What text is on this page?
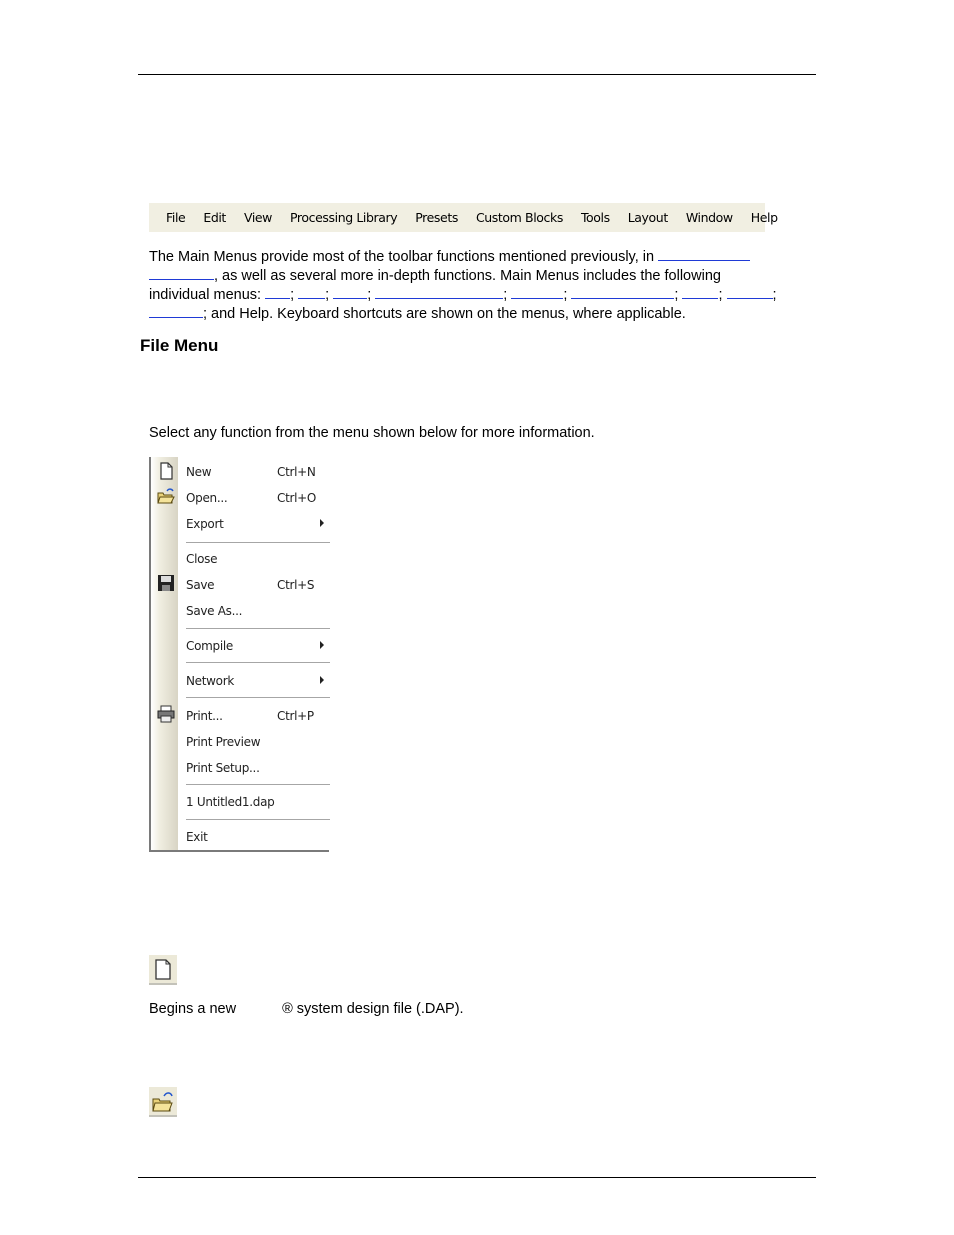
File	Edit	View	Processing Library	Presets	Custom Blocks	Tools	Layout	Window	Help
The Main Menus provide most of the toolbar functions mentioned previously, in
, as well as several more in-depth functions. Main Menus includes the following
individual menus: ; ;	;	;	;	;	;	;
; and Help. Keyboard shortcuts are shown on the menus, where applicable.
File Menu
Select any function from the menu shown below for more information.
New	Ctrl+N
Open...	Ctrl+O
Export
Close
Save	Ctrl+S
Save As...
Compile
Network
Print...	Ctrl+P
Print Preview
Print Setup...
1 Untitled1.dap
Exit
Begins a new	® system design file (.DAP).
